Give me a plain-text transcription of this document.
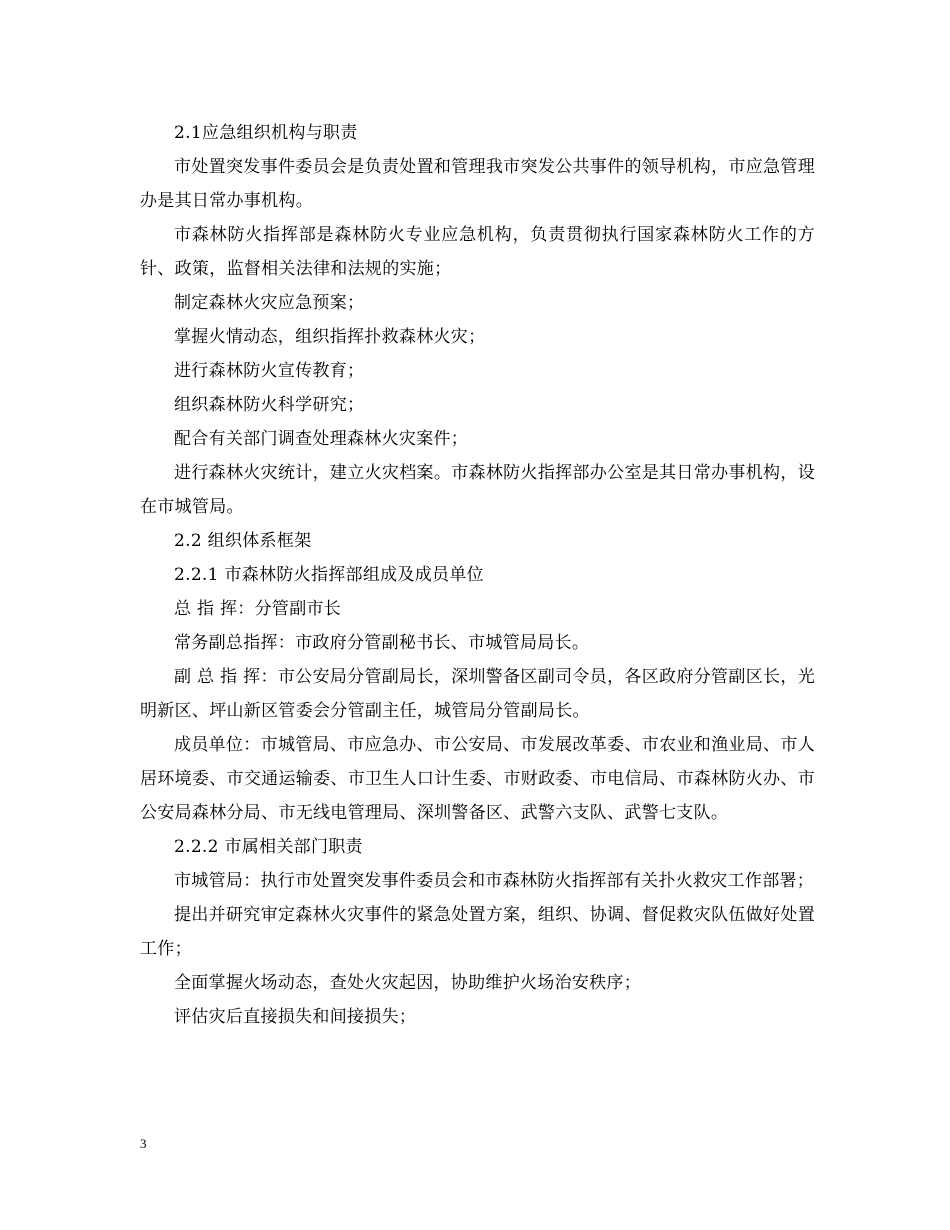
2.1应急组织机构与职责

市处置突发事件委员会是负责处置和管理我市突发公共事件的领导机构，市应急管理办是其日常办事机构。

市森林防火指挥部是森林防火专业应急机构，负责贯彻执行国家森林防火工作的方针、政策，监督相关法律和法规的实施；

制定森林火灾应急预案；

掌握火情动态，组织指挥扑救森林火灾；

进行森林防火宣传教育；

组织森林防火科学研究；

配合有关部门调查处理森林火灾案件；

进行森林火灾统计，建立火灾档案。市森林防火指挥部办公室是其日常办事机构，设在市城管局。

2.2 组织体系框架

2.2.1 市森林防火指挥部组成及成员单位

总 指 挥：分管副市长

常务副总指挥：市政府分管副秘书长、市城管局局长。

副 总 指 挥：市公安局分管副局长，深圳警备区副司令员，各区政府分管副区长，光明新区、坪山新区管委会分管副主任，城管局分管副局长。

成员单位：市城管局、市应急办、市公安局、市发展改革委、市农业和渔业局、市人居环境委、市交通运输委、市卫生人口计生委、市财政委、市电信局、市森林防火办、市公安局森林分局、市无线电管理局、深圳警备区、武警六支队、武警七支队。

2.2.2 市属相关部门职责

市城管局：执行市处置突发事件委员会和市森林防火指挥部有关扑火救灾工作部署；

提出并研究审定森林火灾事件的紧急处置方案，组织、协调、督促救灾队伍做好处置工作；

全面掌握火场动态，查处火灾起因，协助维护火场治安秩序；

评估灾后直接损失和间接损失；

3
